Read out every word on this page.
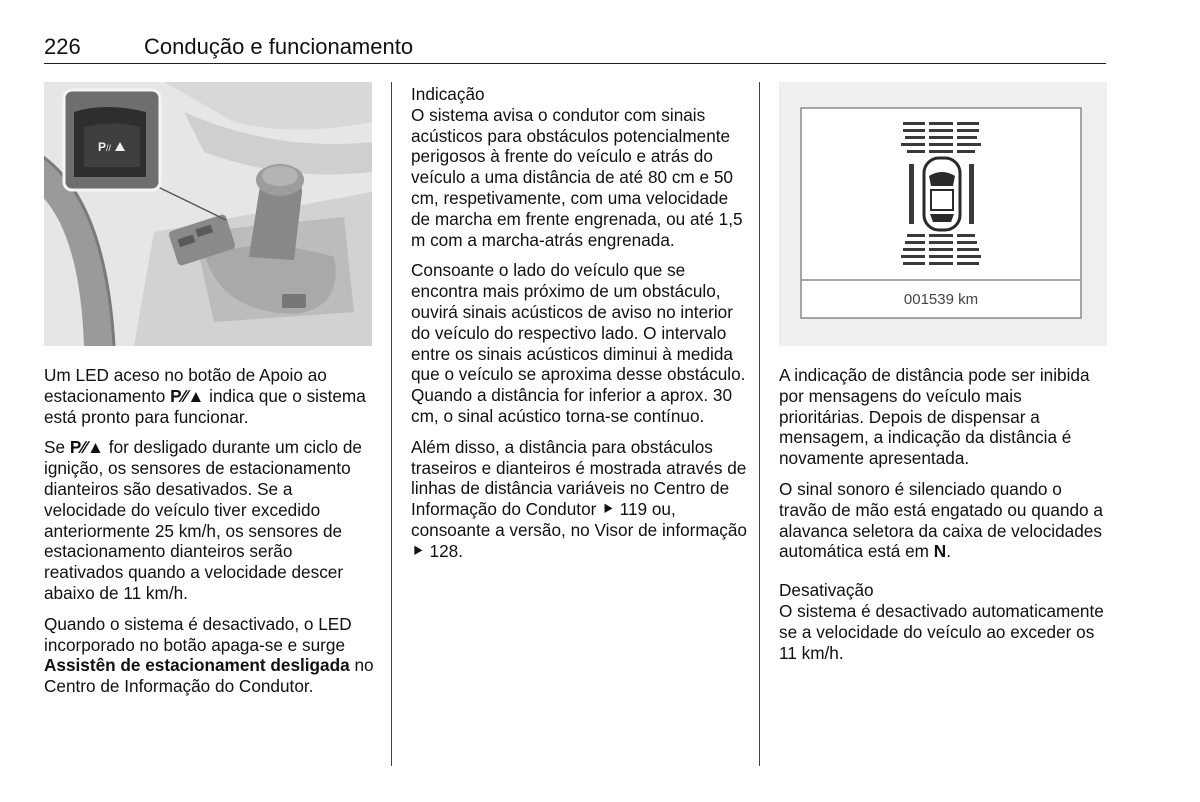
226	Condução e funcionamento
P //

Um LED aceso no botão de Apoio ao estacionamento P∕∕▲ indica que o sistema está pronto para funcionar.

Se P∕∕▲ for desligado durante um ciclo de ignição, os sensores de estacionamento dianteiros são desativados. Se a velocidade do veículo tiver excedido anteriormente 25 km/h, os sensores de estacionamento dianteiros serão reativados quando a velocidade descer abaixo de 11 km/h.

Quando o sistema é desactivado, o LED incorporado no botão apaga-se e surge Assistên de estacionament desligada no Centro de Informação do Condutor.

Indicação

O sistema avisa o condutor com sinais acústicos para obstáculos potencialmente perigosos à frente do veículo e atrás do veículo a uma distância de até 80 cm e 50 cm, respetivamente, com uma velocidade de marcha em frente engrenada, ou até 1,5 m com a marcha-atrás engrenada.

Consoante o lado do veículo que se encontra mais próximo de um obstáculo, ouvirá sinais acústicos de aviso no interior do veículo do respectivo lado. O intervalo entre os sinais acústicos diminui à medida que o veículo se aproxima desse obstáculo. Quando a distância for inferior a aprox. 30 cm, o sinal acústico torna-se contínuo.

Além disso, a distância para obstáculos traseiros e dianteiros é mostrada através de linhas de distância variáveis no Centro de Informação do Condutor ⯈ 119 ou, consoante a versão, no Visor de informação ⯈ 128.

001539 km

A indicação de distância pode ser inibida por mensagens do veículo mais prioritárias. Depois de dispensar a mensagem, a indicação da distância é novamente apresentada.

O sinal sonoro é silenciado quando o travão de mão está engatado ou quando a alavanca seletora da caixa de velocidades automática está em N.

Desativação

O sistema é desactivado automaticamente se a velocidade do veículo ao exceder os 11 km/h.
